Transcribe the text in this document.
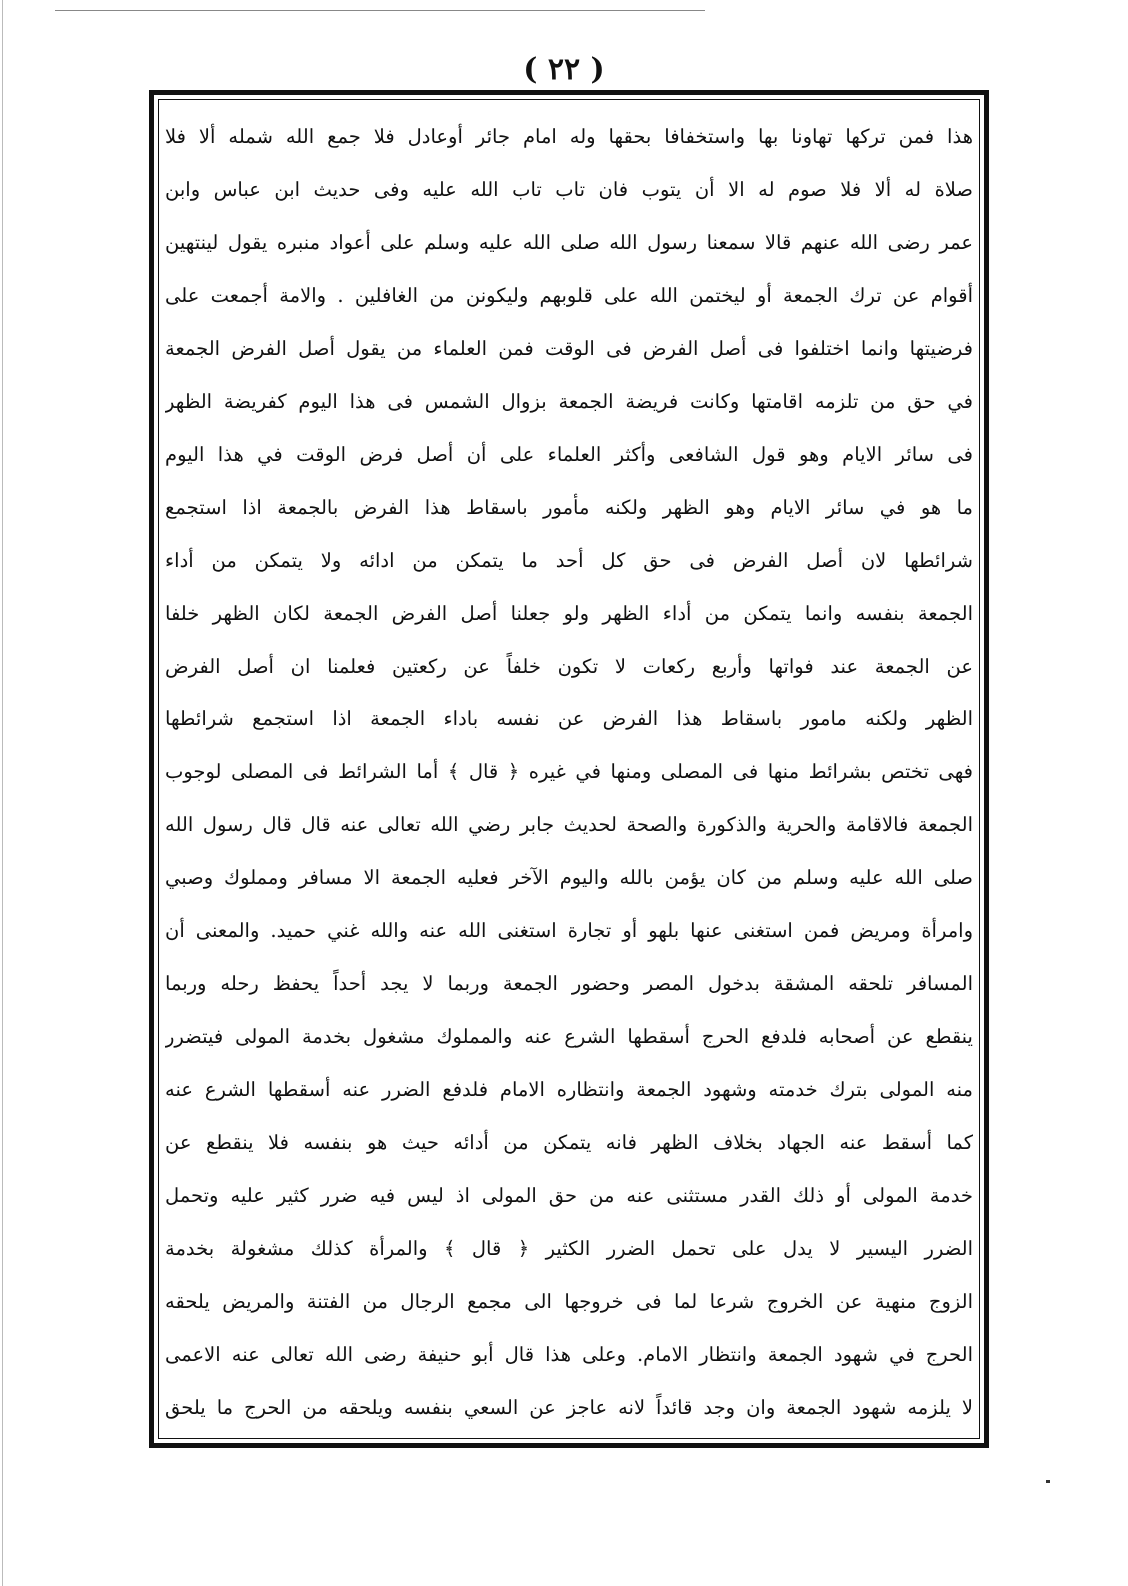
( ٢٢ )
هذا فمن تركها تهاونا بها واستخفافا بحقها وله امام جائر أوعادل فلا جمع الله شمله ألا فلا
صلاة له ألا فلا صوم له الا أن يتوب فان تاب تاب الله عليه وفى حديث ابن عباس وابن
عمر رضى الله عنهم قالا سمعنا رسول الله صلى الله عليه وسلم على أعواد منبره يقول لينتهين
أقوام عن ترك الجمعة أو ليختمن الله على قلوبهم وليكونن من الغافلين . والامة أجمعت على
فرضيتها وانما اختلفوا فى أصل الفرض فى الوقت فمن العلماء من يقول أصل الفرض الجمعة
في حق من تلزمه اقامتها وكانت فريضة الجمعة بزوال الشمس فى هذا اليوم كفريضة الظهر
فى سائر الايام وهو قول الشافعى وأكثر العلماء على أن أصل فرض الوقت في هذا اليوم
ما هو في سائر الايام وهو الظهر ولكنه مأمور باسقاط هذا الفرض بالجمعة اذا استجمع
شرائطها لان أصل الفرض فى حق كل أحد ما يتمكن من ادائه ولا يتمكن من أداء
الجمعة بنفسه وانما يتمكن من أداء الظهر ولو جعلنا أصل الفرض الجمعة لكان الظهر خلفا
عن الجمعة عند فواتها وأربع ركعات لا تكون خلفاً عن ركعتين فعلمنا ان أصل الفرض
الظهر ولكنه مامور باسقاط هذا الفرض عن نفسه باداء الجمعة اذا استجمع شرائطها
فهى تختص بشرائط منها فى المصلى ومنها في غيره ﴿ قال ﴾ أما الشرائط فى المصلى لوجوب
الجمعة فالاقامة والحرية والذكورة والصحة لحديث جابر رضي الله تعالى عنه قال قال رسول الله
صلى الله عليه وسلم من كان يؤمن بالله واليوم الآخر فعليه الجمعة الا مسافر ومملوك وصبي
وامرأة ومريض فمن استغنى عنها بلهو أو تجارة استغنى الله عنه والله غني حميد. والمعنى أن
المسافر تلحقه المشقة بدخول المصر وحضور الجمعة وربما لا يجد أحداً يحفظ رحله وربما
ينقطع عن أصحابه فلدفع الحرج أسقطها الشرع عنه والمملوك مشغول بخدمة المولى فيتضرر
منه المولى بترك خدمته وشهود الجمعة وانتظاره الامام فلدفع الضرر عنه أسقطها الشرع عنه
كما أسقط عنه الجهاد بخلاف الظهر فانه يتمكن من أدائه حيث هو بنفسه فلا ينقطع عن
خدمة المولى أو ذلك القدر مستثنى عنه من حق المولى اذ ليس فيه ضرر كثير عليه وتحمل
الضرر اليسير لا يدل على تحمل الضرر الكثير ﴿ قال ﴾ والمرأة كذلك مشغولة بخدمة
الزوج منهية عن الخروج شرعا لما فى خروجها الى مجمع الرجال من الفتنة والمريض يلحقه
الحرج في شهود الجمعة وانتظار الامام. وعلى هذا قال أبو حنيفة رضى الله تعالى عنه الاعمى
لا يلزمه شهود الجمعة وان وجد قائداً لانه عاجز عن السعي بنفسه ويلحقه من الحرج ما يلحق
